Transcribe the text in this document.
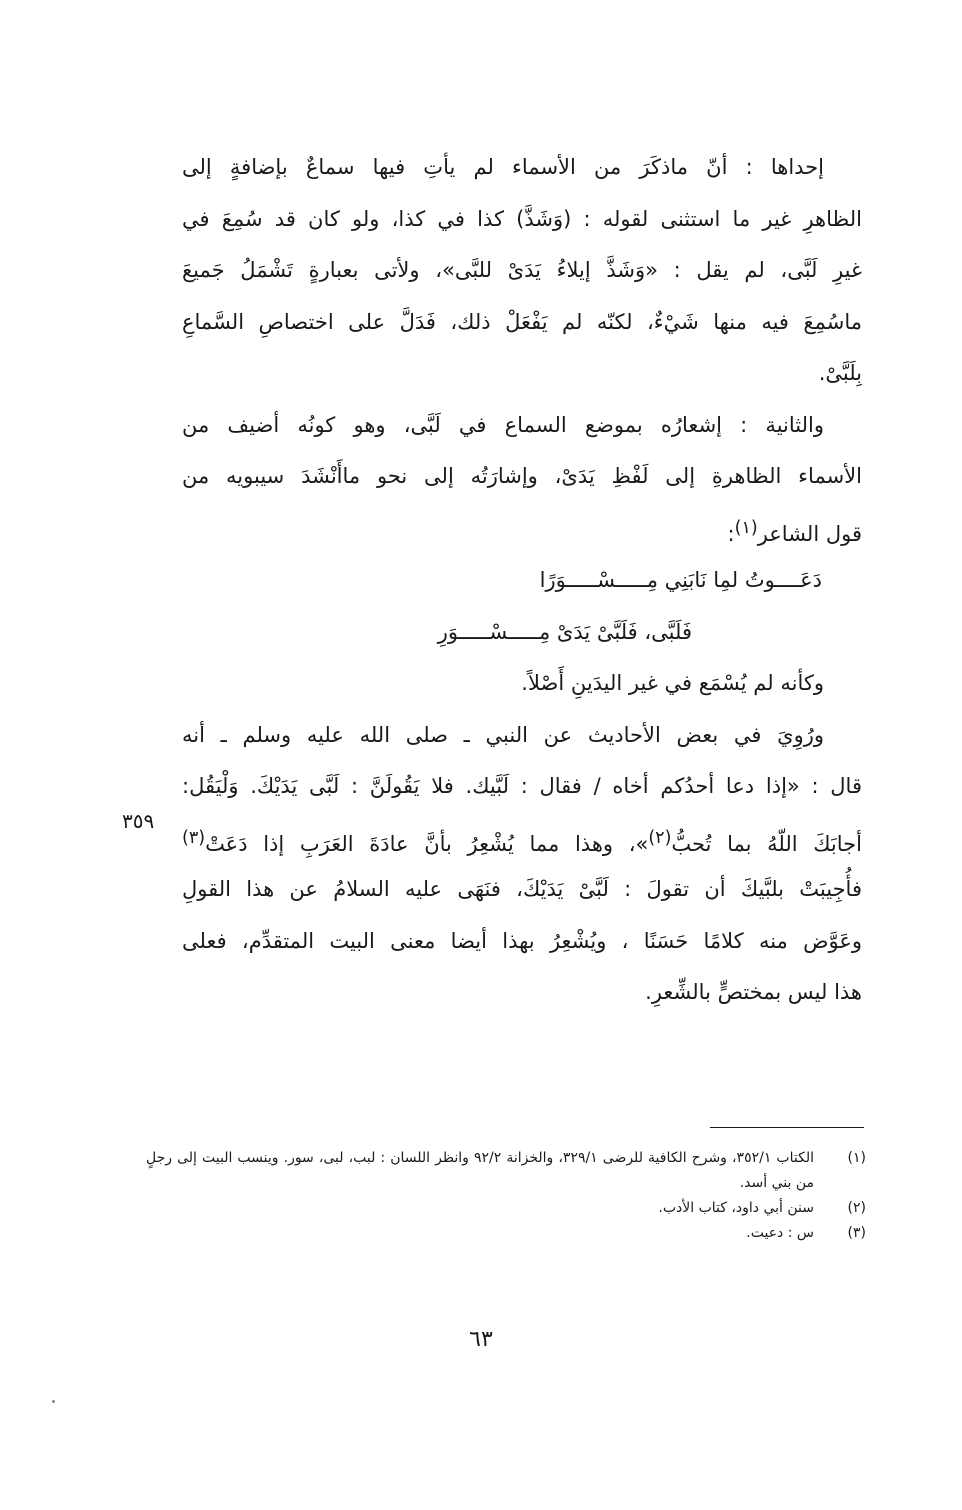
إحداها : أنّ ماذكَرَ من الأسماء لم يأتِ فيها سماعٌ بإضافةٍ إلى
الظاهرِ غير ما استثنى لقوله : (وَشَذَّ) كذا في كذا، ولو كان قد سُمِعَ في
غيرِ لَبَّى، لم يقل : «وَشَذَّ إيلاءُ يَدَىْ للبَّى»، ولأتى بعبارةٍ تَشْمَلُ جَميعَ
ماسُمِعَ فيه منها شَيْءٌ، لكنّه لم يَفْعَلْ ذلك، فَدَلَّ على اختصاصِ السَّماعِ
بِلَبَّىْ.
والثانية : إشعارُه بموضع السماع في لَبَّى، وهو كونُه أضيف من
الأسماء الظاهرةِ إلى لَفْظِ يَدَىْ، وإشارَتُه إلى نحو ماأَنْشَدَ سيبويه من
قول الشاعر$^{(١)}$:
دَعَــــوتُ لمِا نَابَنِي مِـــــسْـــــوَرًا
فَلَبَّى، فَلَبَّىْ يَدَىْ مِـــــسْـــــوَرِ
وكأنه لم يُسْمَع في غير اليدَينِ أَصْلاً.
ورُوِيَ في بعض الأحاديث عن النبي ـ صلى الله عليه وسلم ـ أنه
قال : «إذا دعا أحدُكم أخاه / فقال : لَبَّيك. فلا يَقُولَنَّ : لَبَّى يَدَيْكَ. وَلْيَقُل:
أجابَكَ اللّهُ بما تُحبُّ$^{(٢)}$»، وهذا مما يُشْعِرُ بأنَّ عادَةَ العَرَبِ إذا دَعَتْ$^{(٣)}$
فأُجِيبَتْ بلبَّيكَ أن تقولَ : لَبَّىْ يَدَيْكَ، فنَهَى عليه السلامُ عن هذا القولِ
وعَوَّض منه كلامًا حَسَنًا ، ويُشْعِرُ بهذا أيضا معنى البيت المتقدِّم، فعلى
هذا ليس بمختصٍّ بالشِّعرِ.
٣٥٩
(١)
الكتاب ٣٥٢/١، وشرح الكافية للرضى ٣٢٩/١، والخزانة ٩٢/٢ وانظر اللسان : لبب، لبى، سور. وينسب البيت إلى رجلٍ من بني أسد.
(٢)
سنن أبي داود، كتاب الأدب.
(٣)
س : دعيت.
٦٣
